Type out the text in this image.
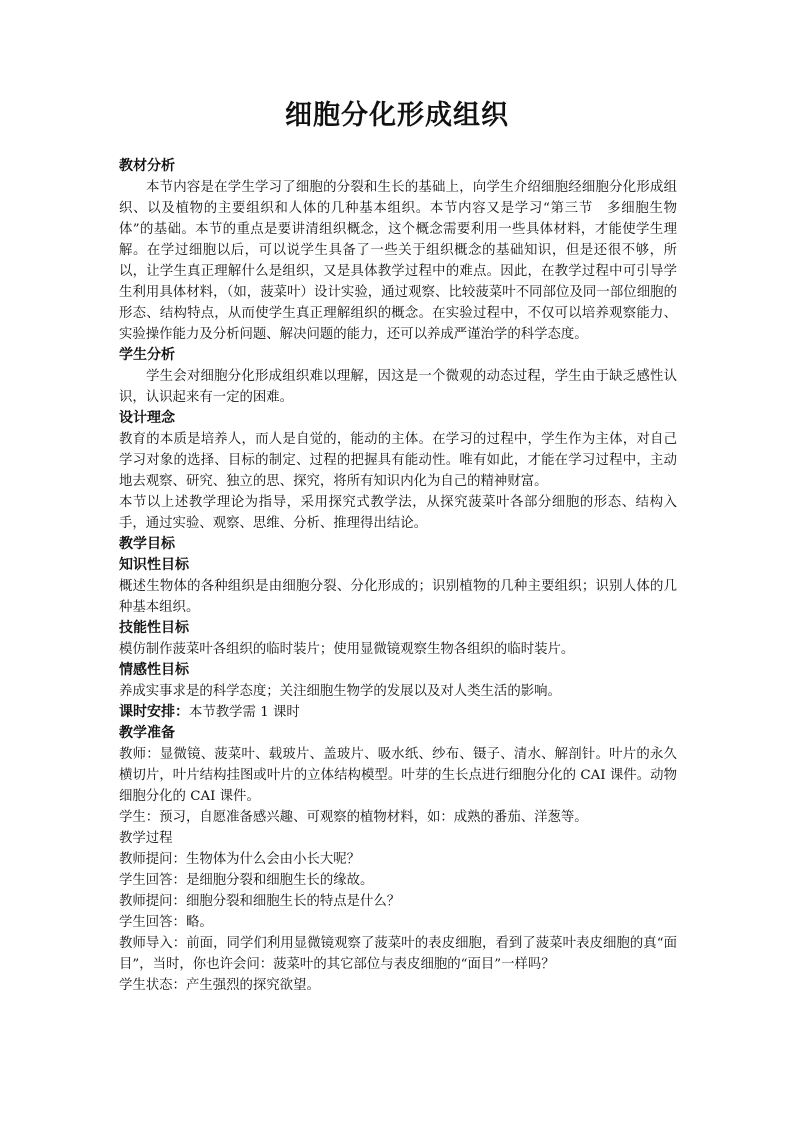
细胞分化形成组织
教材分析

本节内容是在学生学习了细胞的分裂和生长的基础上，向学生介绍细胞经细胞分化形成组织、以及植物的主要组织和人体的几种基本组织。本节内容又是学习“第三节　多细胞生物体”的基础。本节的重点是要讲清组织概念，这个概念需要利用一些具体材料，才能使学生理解。在学过细胞以后，可以说学生具备了一些关于组织概念的基础知识，但是还很不够，所以，让学生真正理解什么是组织，又是具体教学过程中的难点。因此，在教学过程中可引导学生利用具体材料，（如，菠菜叶）设计实验，通过观察、比较菠菜叶不同部位及同一部位细胞的形态、结构特点，从而使学生真正理解组织的概念。在实验过程中，不仅可以培养观察能力、实验操作能力及分析问题、解决问题的能力，还可以养成严谨治学的科学态度。

学生分析

学生会对细胞分化形成组织难以理解，因这是一个微观的动态过程，学生由于缺乏感性认识，认识起来有一定的困难。

设计理念

教育的本质是培养人，而人是自觉的，能动的主体。在学习的过程中，学生作为主体，对自己学习对象的选择、目标的制定、过程的把握具有能动性。唯有如此，才能在学习过程中，主动地去观察、研究、独立的思、探究，将所有知识内化为自己的精神财富。

本节以上述教学理论为指导，采用探究式教学法，从探究菠菜叶各部分细胞的形态、结构入手，通过实验、观察、思维、分析、推理得出结论。

教学目标
知识性目标

概述生物体的各种组织是由细胞分裂、分化形成的；识别植物的几种主要组织；识别人体的几种基本组织。

技能性目标

模仿制作菠菜叶各组织的临时装片；使用显微镜观察生物各组织的临时装片。

情感性目标

养成实事求是的科学态度；关注细胞生物学的发展以及对人类生活的影响。

课时安排：本节教学需 1 课时

教学准备

教师：显微镜、菠菜叶、载玻片、盖玻片、吸水纸、纱布、镊子、清水、解剖针。叶片的永久横切片，叶片结构挂图或叶片的立体结构模型。叶芽的生长点进行细胞分化的 CAI 课件。动物细胞分化的 CAI 课件。

学生：预习，自愿准备感兴趣、可观察的植物材料，如：成熟的番茄、洋葱等。

教学过程

教师提问：生物体为什么会由小长大呢？

学生回答：是细胞分裂和细胞生长的缘故。

教师提问：细胞分裂和细胞生长的特点是什么？

学生回答：略。

教师导入：前面，同学们利用显微镜观察了菠菜叶的表皮细胞，看到了菠菜叶表皮细胞的真“面目”，当时，你也许会问：菠菜叶的其它部位与表皮细胞的“面目”一样吗？

学生状态：产生强烈的探究欲望。
